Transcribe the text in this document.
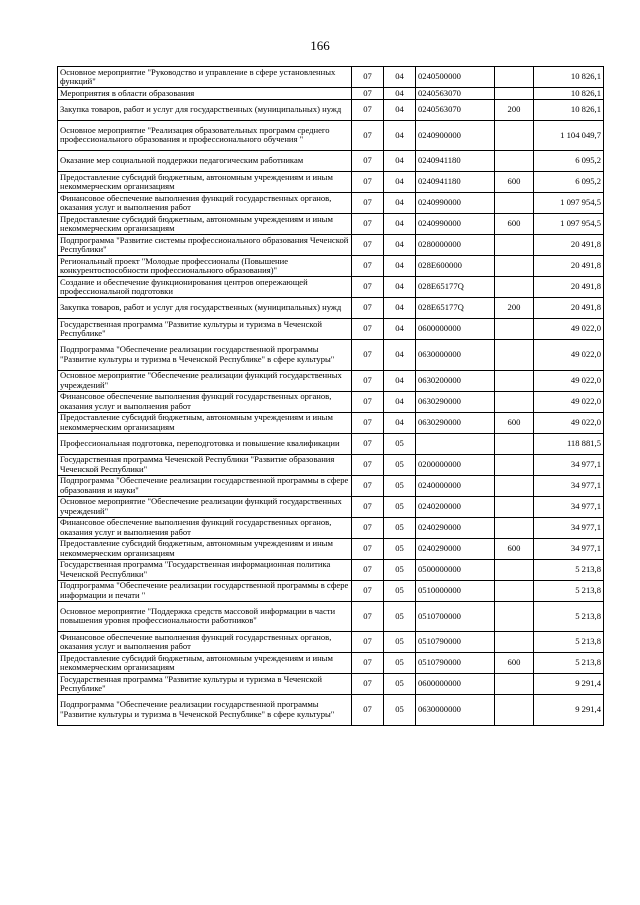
166
Основное мероприятие "Руководство и управление в сфере установленных функций"	07	04	0240500000		10 826,1
Мероприятия в области образования	07	04	0240563070		10 826,1
Закупка товаров, работ и услуг для государственных (муниципальных) нужд	07	04	0240563070	200	10 826,1
Основное мероприятие "Реализация образовательных программ среднего профессионального образования и профессионального обучения "	07	04	0240900000		1 104 049,7
Оказание мер социальной поддержки педагогическим работникам	07	04	0240941180		6 095,2
Предоставление субсидий бюджетным, автономным учреждениям и иным некоммерческим организациям	07	04	0240941180	600	6 095,2
Финансовое обеспечение выполнения функций государственных органов, оказания услуг и выполнения работ	07	04	0240990000		1 097 954,5
Предоставление субсидий бюджетным, автономным учреждениям и иным некоммерческим организациям	07	04	0240990000	600	1 097 954,5
Подпрограмма "Развитие системы профессионального образования Чеченской Республики"	07	04	0280000000		20 491,8
Региональный проект "Молодые профессионалы (Повышение конкурентоспособности профессионального образования)"	07	04	028E600000		20 491,8
Создание и обеспечение функционирования центров опережающей профессиональной подготовки	07	04	028E65177Q		20 491,8
Закупка товаров, работ и услуг для государственных (муниципальных) нужд	07	04	028E65177Q	200	20 491,8
Государственная программа "Развитие культуры и туризма в Чеченской Республике"	07	04	0600000000		49 022,0
Подпрограмма "Обеспечение реализации государственной программы "Развитие культуры и туризма в Чеченской Республике" в сфере культуры"	07	04	0630000000		49 022,0
Основное мероприятие "Обеспечение реализации функций государственных учреждений"	07	04	0630200000		49 022,0
Финансовое обеспечение выполнения функций государственных органов, оказания услуг и выполнения работ	07	04	0630290000		49 022,0
Предоставление субсидий бюджетным, автономным учреждениям и иным некоммерческим организациям	07	04	0630290000	600	49 022,0
Профессиональная подготовка, переподготовка и повышение квалификации	07	05			118 881,5
Государственная программа Чеченской Республики "Развитие образования Чеченской Республики"	07	05	0200000000		34 977,1
Подпрограмма "Обеспечение реализации государственной программы в сфере образования и науки"	07	05	0240000000		34 977,1
Основное мероприятие "Обеспечение реализации функций государственных учреждений"	07	05	0240200000		34 977,1
Финансовое обеспечение выполнения функций государственных органов, оказания услуг и выполнения работ	07	05	0240290000		34 977,1
Предоставление субсидий бюджетным, автономным учреждениям и иным некоммерческим организациям	07	05	0240290000	600	34 977,1
Государственная программа "Государственная информационная политика Чеченской Республики"	07	05	0500000000		5 213,8
Подпрограмма "Обеспечение реализации государственной программы в сфере информации и печати "	07	05	0510000000		5 213,8
Основное мероприятие "Поддержка средств массовой информации в части повышения уровня профессиональности работников"	07	05	0510700000		5 213,8
Финансовое обеспечение выполнения функций государственных органов, оказания услуг и выполнения работ	07	05	0510790000		5 213,8
Предоставление субсидий бюджетным, автономным учреждениям и иным некоммерческим организациям	07	05	0510790000	600	5 213,8
Государственная программа "Развитие культуры и туризма в Чеченской Республике"	07	05	0600000000		9 291,4
Подпрограмма "Обеспечение реализации государственной программы "Развитие культуры и туризма в Чеченской Республике" в сфере культуры"	07	05	0630000000		9 291,4
